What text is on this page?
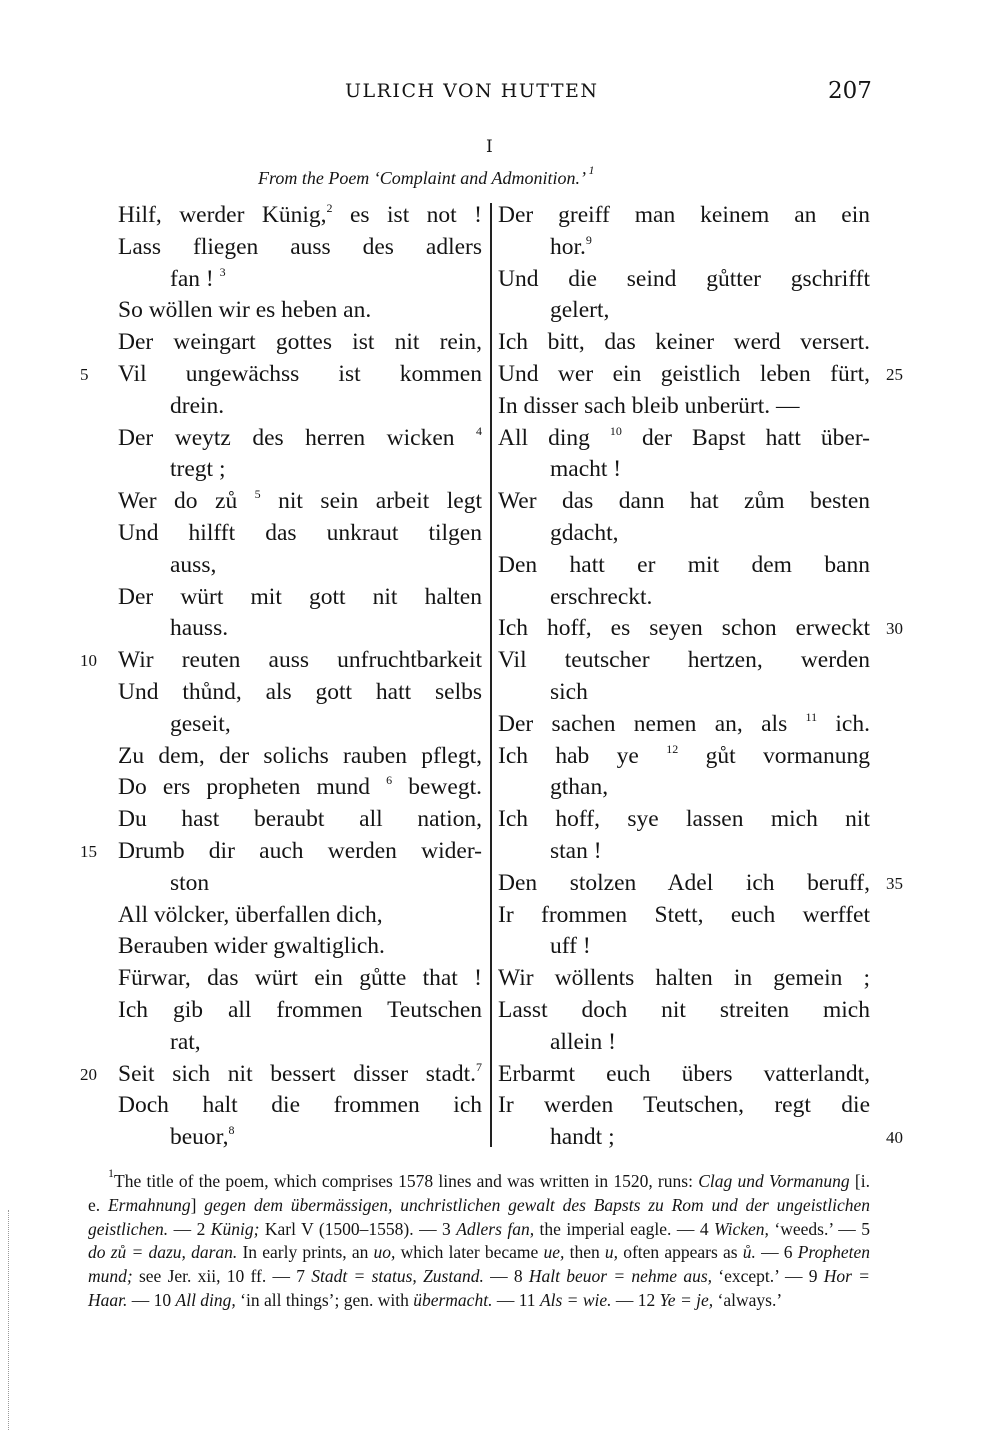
ULRICH VON HUTTEN	207
I
From the Poem ‘Complaint and Admonition.’ $^1$
Hilf, werder Künig,$^2$ es ist not !
Lass fliegen auss des adlers
fan ! $^3$
So wöllen wir es heben an.
Der weingart gottes ist nit rein,
5	Vil ungewächss ist kommen
drein.
Der weytz des herren wicken $^4$
tregt ;
Wer do zů $^5$ nit sein arbeit legt
Und hilfft das unkraut tilgen
auss,
Der würt mit gott nit halten
hauss.
10 Wir reuten auss unfruchtbarkeit
Und thůnd, als gott hatt selbs
geseit,
Zu dem, der solichs rauben pflegt,
Do ers propheten mund $^6$ bewegt.
Du hast beraubt all nation,
15 Drumb dir auch werden wider-
ston
All völcker, überfallen dich,
Berauben wider gwaltiglich.
Fürwar, das würt ein gůtte that !
Ich gib all frommen Teutschen
rat,
20 Seit sich nit bessert disser stadt.$^7$
Doch halt die frommen ich
beuor,$^8$
Der greiff man keinem an ein
hor.$^9$
Und die seind gůtter gschrifft
gelert,
Ich bitt, das keiner werd versert.
25
Und wer ein geistlich leben fürt,
In disser sach bleib unberürt. —
All ding $^{10}$ der Bapst hatt über-
macht !
Wer das dann hat zům besten
gdacht,
Den hatt er mit dem bann
erschreckt.
30
Ich hoff, es seyen schon erweckt
Vil teutscher hertzen, werden
sich
Der sachen nemen an, als $^{11}$ ich.
Ich hab ye $^{12}$ gůt vormanung
gthan,
Ich hoff, sye lassen mich nit
stan !
35
Den stolzen Adel ich beruff,
Ir frommen Stett, euch werffet
uff !
Wir wöllents halten in gemein ;
Lasst doch nit streiten mich
allein !
Erbarmt euch übers vatterlandt,
Ir werden Teutschen, regt die
40
handt ;

$^1$The title of the poem, which comprises 1578 lines and was written in 1520, runs: Clag und Vormanung [i. e. Ermahnung] gegen dem übermässigen, unchristlichen gewalt des Bapsts zu Rom und der ungeistlichen geistlichen. — 2 Künig; Karl V (1500–1558). — 3 Adlers fan, the imperial eagle. — 4 Wicken, ‘weeds.’ — 5 do zů = dazu, daran. In early prints, an uo, which later became ue, then u, often appears as ů. — 6 Propheten mund; see Jer. xii, 10 ff. — 7 Stadt = status, Zustand. — 8 Halt beuor = nehme aus, ‘except.’ — 9 Hor = Haar. — 10 All ding, ‘in all things’; gen. with übermacht. — 11 Als = wie. — 12 Ye = je, ‘always.’
